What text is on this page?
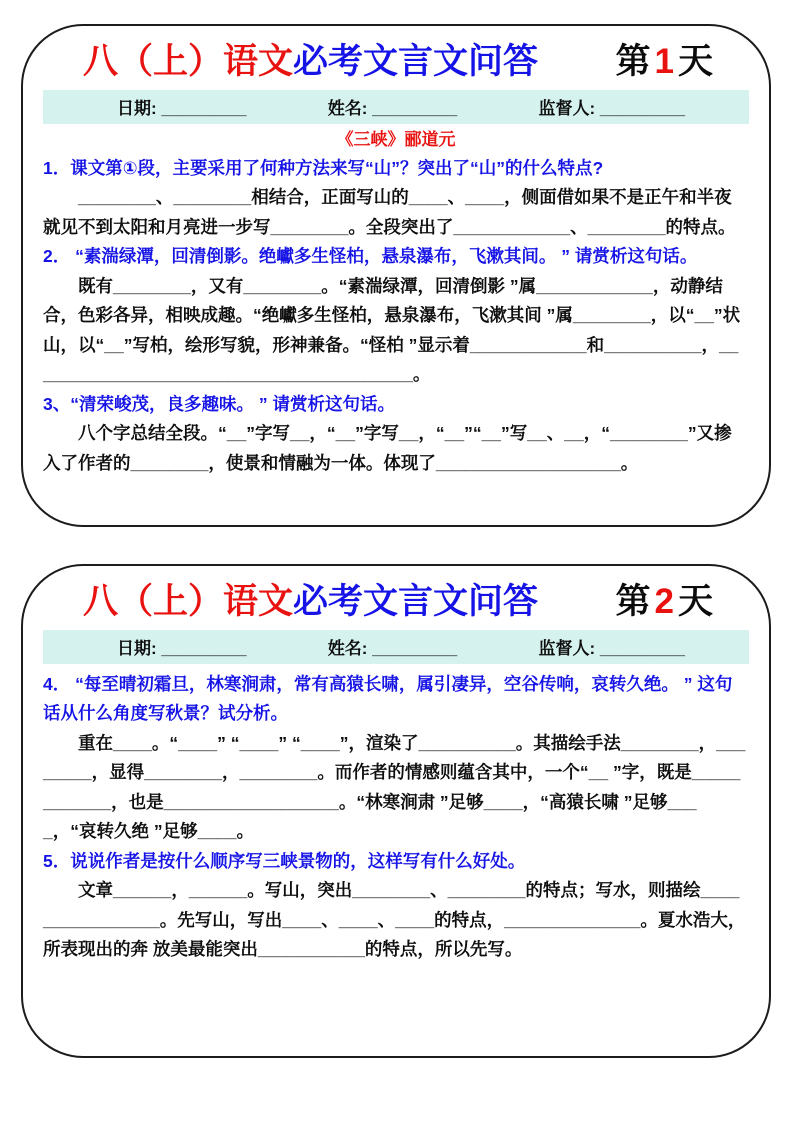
八（上）语文必考文言文问答 第1天
日期: _________	姓名: _________	监督人: _________
《三峡》郦道元

1．课文第①段，主要采用了何种方法来写“山”？突出了“山”的什么特点?

________、________相结合，正面写山的____、____，侧面借如果不是正午和半夜就见不到太阳和月亮进一步写________。全段突出了____________、________的特点。

2． “素湍绿潭，回清倒影。绝巘多生怪柏，悬泉瀑布，飞漱其间。 ” 请赏析这句话。

既有________，又有________。“素湍绿潭，回清倒影 ”属____________，动静结合，色彩各异，相映成趣。“绝巘多生怪柏，悬泉瀑布，飞漱其间 ”属________，以“__”状山，以“__”写柏，绘形写貌，形神兼备。“怪柏 ”显示着____________和__________，________________________________________。

3、“清荣峻茂，良多趣味。 ” 请赏析这句话。

八个字总结全段。“__”字写__，“__”字写__，“__”“__”写__、__，“________”又掺入了作者的________，使景和情融为一体。体现了___________________。

八（上）语文必考文言文问答 第2天
日期: _________	姓名: _________	监督人: _________

4． “每至晴初霜旦，林寒涧肃，常有高猿长啸，属引凄异，空谷传响，哀转久绝。 ” 这句话从什么角度写秋景？试分析。

重在____。“____” “____” “____”，渲染了__________。其描绘手法________，________，显得________，________。而作者的情感则蕴含其中，一个“__ ”字，既是____________，也是__________________。“林寒涧肃 ”足够____，“高猿长啸 ”足够____，“哀转久绝 ”足够____。

5．说说作者是按什么顺序写三峡景物的，这样写有什么好处。

文章______，______。写山，突出________、________的特点；写水，则描绘________________。先写山，写出____、____、____的特点，______________。夏水浩大，所表现出的奔 放美最能突出___________的特点，所以先写。
